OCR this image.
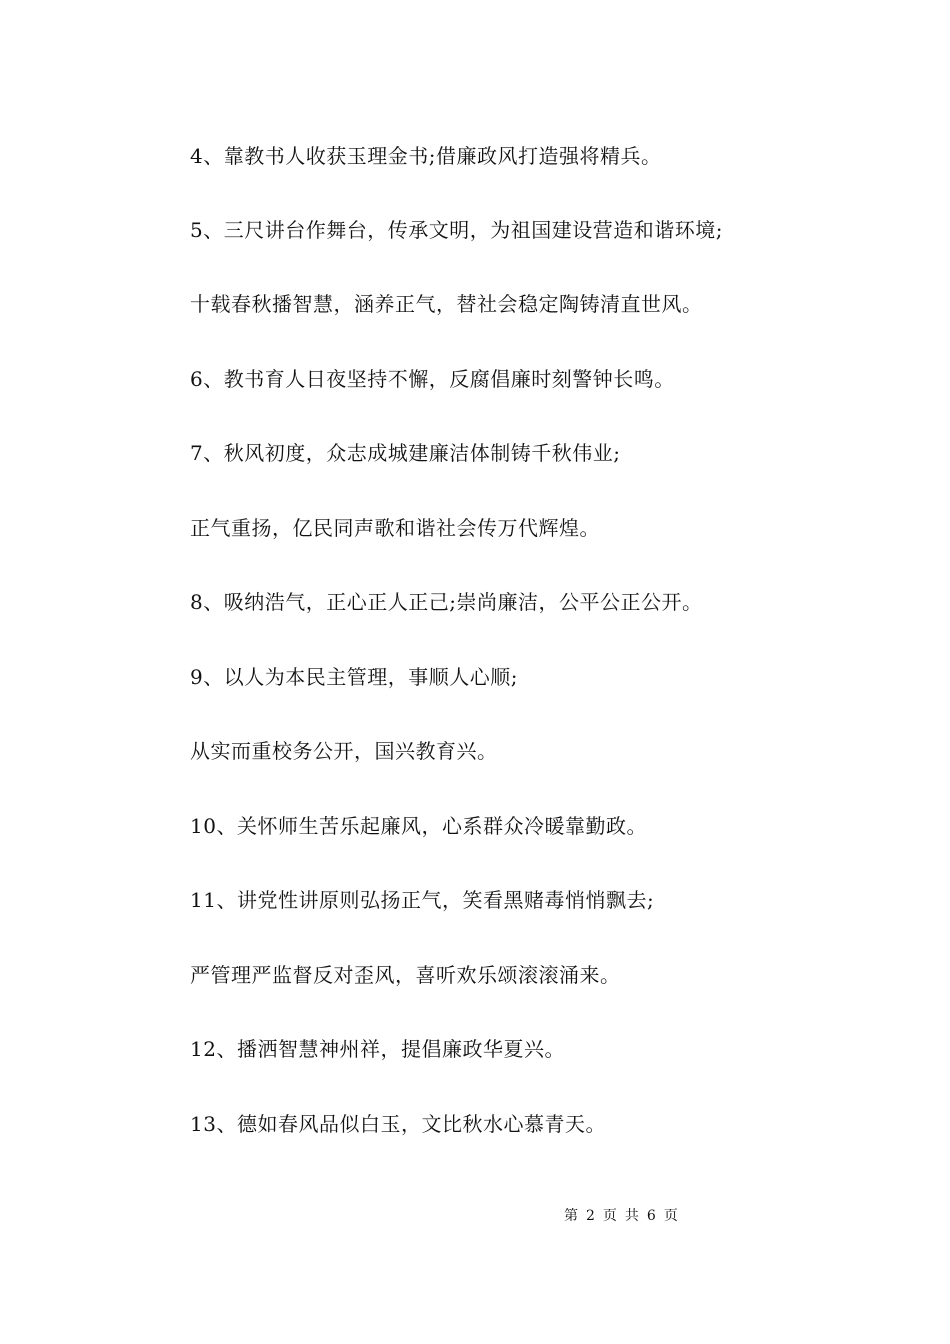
4、靠教书人收获玉理金书;借廉政风打造强将精兵。
5、三尺讲台作舞台，传承文明，为祖国建设营造和谐环境;
十载春秋播智慧，涵养正气，替社会稳定陶铸清直世风。
6、教书育人日夜坚持不懈，反腐倡廉时刻警钟长鸣。
7、秋风初度，众志成城建廉洁体制铸千秋伟业;
正气重扬，亿民同声歌和谐社会传万代辉煌。
8、吸纳浩气，正心正人正己;崇尚廉洁，公平公正公开。
9、以人为本民主管理，事顺人心顺;
从实而重校务公开，国兴教育兴。
10、关怀师生苦乐起廉风，心系群众冷暖靠勤政。
11、讲党性讲原则弘扬正气，笑看黑赌毒悄悄飘去;
严管理严监督反对歪风，喜听欢乐颂滚滚涌来。
12、播洒智慧神州祥，提倡廉政华夏兴。
13、德如春风品似白玉，文比秋水心慕青天。
第 2 页 共 6 页
